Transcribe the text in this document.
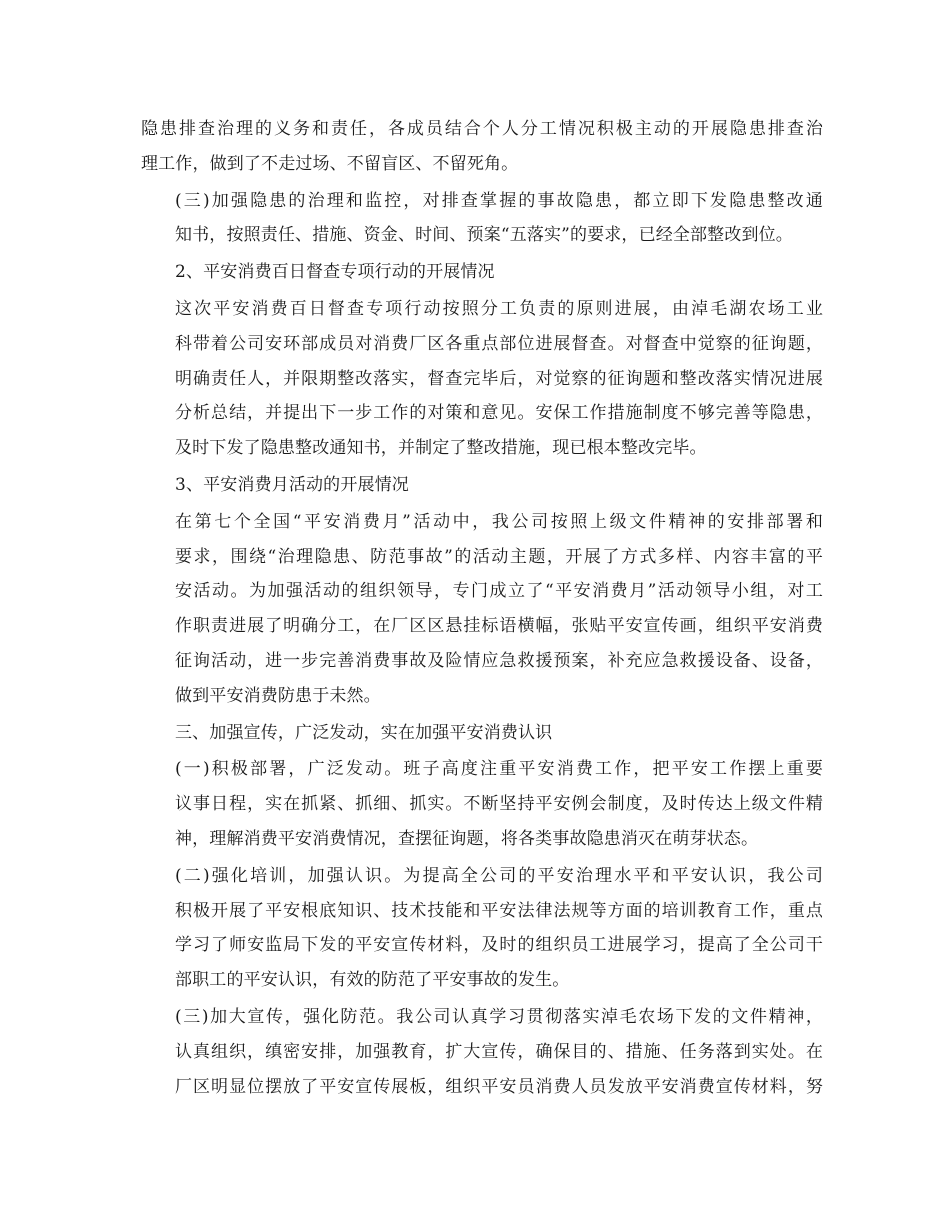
隐患排查治理的义务和责任，各成员结合个人分工情况积极主动的开展隐患排查治
理工作，做到了不走过场、不留盲区、不留死角。
(三)加强隐患的治理和监控，对排查掌握的事故隐患，都立即下发隐患整改通
知书，按照责任、措施、资金、时间、预案“五落实”的要求，已经全部整改到位。
2、平安消费百日督查专项行动的开展情况
这次平安消费百日督查专项行动按照分工负责的原则进展，由淖毛湖农场工业
科带着公司安环部成员对消费厂区各重点部位进展督查。对督查中觉察的征询题，
明确责任人，并限期整改落实，督查完毕后，对觉察的征询题和整改落实情况进展
分析总结，并提出下一步工作的对策和意见。安保工作措施制度不够完善等隐患，
及时下发了隐患整改通知书，并制定了整改措施，现已根本整改完毕。
3、平安消费月活动的开展情况
在第七个全国“平安消费月”活动中，我公司按照上级文件精神的安排部署和
要求，围绕“治理隐患、防范事故”的活动主题，开展了方式多样、内容丰富的平
安活动。为加强活动的组织领导，专门成立了“平安消费月”活动领导小组，对工
作职责进展了明确分工，在厂区区悬挂标语横幅，张贴平安宣传画，组织平安消费
征询活动，进一步完善消费事故及险情应急救援预案，补充应急救援设备、设备，
做到平安消费防患于未然。
三、加强宣传，广泛发动，实在加强平安消费认识
(一)积极部署，广泛发动。班子高度注重平安消费工作，把平安工作摆上重要
议事日程，实在抓紧、抓细、抓实。不断坚持平安例会制度，及时传达上级文件精
神，理解消费平安消费情况，查摆征询题，将各类事故隐患消灭在萌芽状态。
(二)强化培训，加强认识。为提高全公司的平安治理水平和平安认识，我公司
积极开展了平安根底知识、技术技能和平安法律法规等方面的培训教育工作，重点
学习了师安监局下发的平安宣传材料，及时的组织员工进展学习，提高了全公司干
部职工的平安认识，有效的防范了平安事故的发生。
(三)加大宣传，强化防范。我公司认真学习贯彻落实淖毛农场下发的文件精神，
认真组织，缜密安排，加强教育，扩大宣传，确保目的、措施、任务落到实处。在
厂区明显位摆放了平安宣传展板，组织平安员消费人员发放平安消费宣传材料，努
